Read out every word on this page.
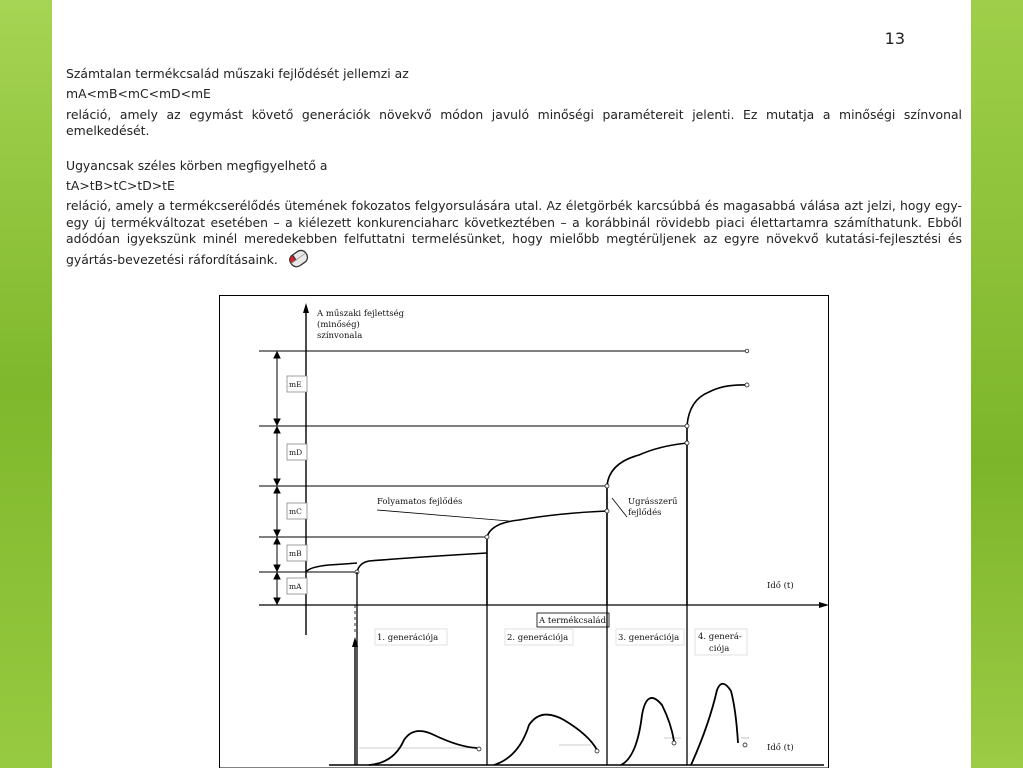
13

Számtalan termékcsalád műszaki fejlődését jellemzi az

mA<mB<mC<mD<mE

reláció, amely az egymást követő generációk növekvő módon javuló minőségi paramétereit jelenti. Ez mutatja a minőségi színvonal emelkedését.

Ugyancsak széles körben megfigyelhető a

tA>tB>tC>tD>tE

reláció, amely a termékcserélődés ütemének fokozatos felgyorsulására utal. Az életgörbék karcsúbbá és magasabbá válása azt jelzi, hogy egy-egy új termékváltozat esetében – a kiélezett konkurenciaharc következtében – a korábbinál rövidebb piaci élettartamra számíthatunk. Ebből adódóan igyekszünk minél meredekebben felfuttatni termelésünket, hogy mielőbb megtérüljenek az egyre növekvő kutatási-fejlesztési és gyártás-bevezetési ráfordításaink.

A műszaki fejlettség
(minőség)
színvonala
Idő (t)
mE
mD
mC
mB
mA
Folyamatos fejlődés	Ugrásszerű
fejlődés
A termékcsalád
1. generációja	2. generációja	3. generációja 4. generá-
ciója
Idő (t)
